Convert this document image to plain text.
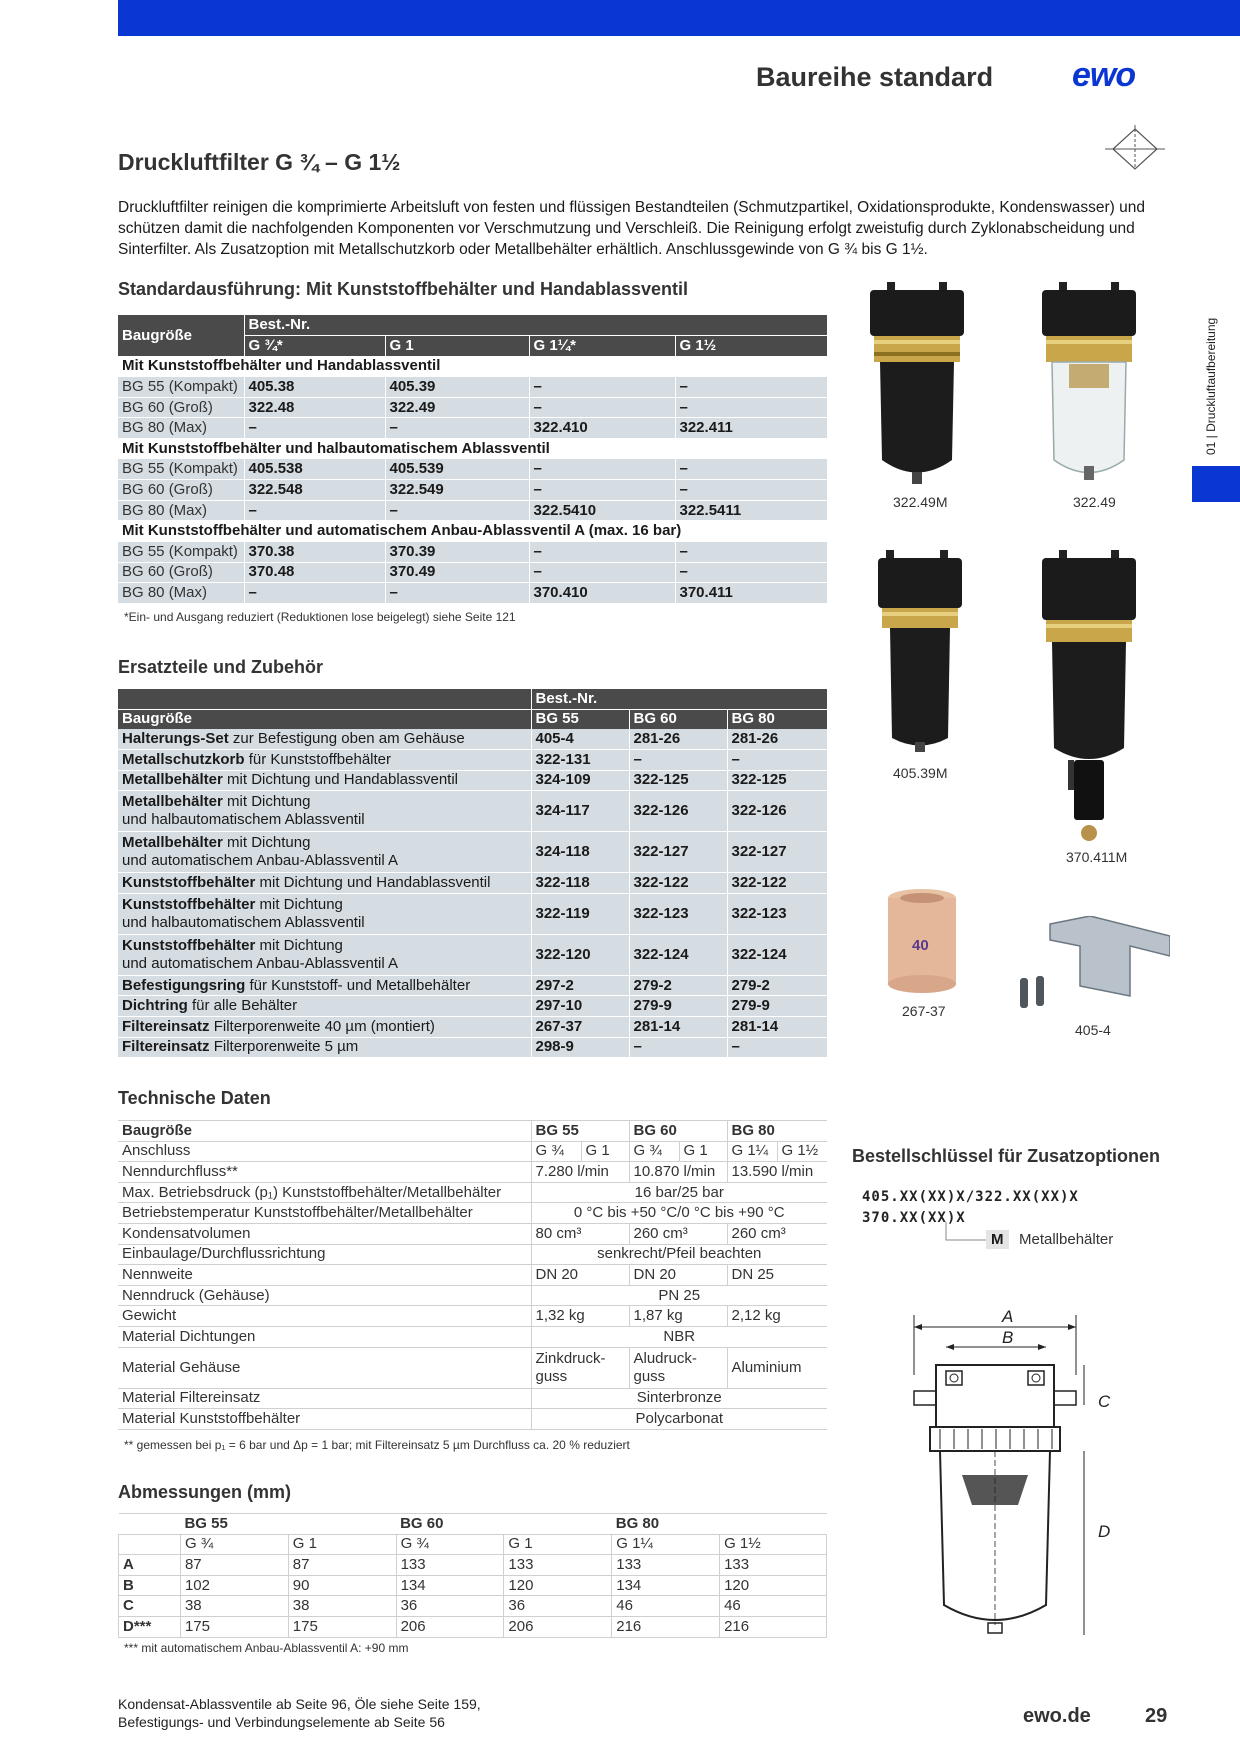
Baureihe standard ewo
01 | Druckluftaufbereitung
Druckluftfilter G ¾ – G 1½
Druckluftfilter reinigen die komprimierte Arbeitsluft von festen und flüssigen Bestandteilen (Schmutzpartikel, Oxidationsprodukte, Kondenswasser) und schützen damit die nachfolgenden Komponenten vor Verschmutzung und Verschleiß. Die Reinigung erfolgt zweistufig durch Zyklonabscheidung und Sinterfilter. Als Zusatzoption mit Metallschutzkorb oder Metallbehälter erhältlich. Anschlussgewinde von G ¾ bis G 1½.
Standardausführung: Mit Kunststoffbehälter und Handablassventil
Baugröße	Best.-Nr.			
	G ¾*	G 1	G 1¼*	G 1½
Mit Kunststoffbehälter und Handablassventil				
BG 55 (Kompakt)	405.38	405.39	–	–
BG 60 (Groß)	322.48	322.49	–	–
BG 80 (Max)	–	–	322.410	322.411
Mit Kunststoffbehälter und halbautomatischem Ablassventil				
BG 55 (Kompakt)	405.538	405.539	–	–
BG 60 (Groß)	322.548	322.549	–	–
BG 80 (Max)	–	–	322.5410	322.5411
Mit Kunststoffbehälter und automatischem Anbau-Ablassventil A (max. 16 bar)				
BG 55 (Kompakt)	370.38	370.39	–	–
BG 60 (Groß)	370.48	370.49	–	–
BG 80 (Max)	–	–	370.410	370.411
*Ein- und Ausgang reduziert (Reduktionen lose beigelegt) siehe Seite 121
Ersatzteile und Zubehör
	Best.-Nr.		
Baugröße	BG 55	BG 60	BG 80
Halterungs-Set zur Befestigung oben am Gehäuse	405-4	281-26	281-26
Metallschutzkorb für Kunststoffbehälter	322-131	–	–
Metallbehälter mit Dichtung und Handablassventil	324-109	322-125	322-125
Metallbehälter mit Dichtung
und halbautomatischem Ablassventil	324-117	322-126	322-126
Metallbehälter mit Dichtung
und automatischem Anbau-Ablassventil A	324-118	322-127	322-127
Kunststoffbehälter mit Dichtung und Handablassventil	322-118	322-122	322-122
Kunststoffbehälter mit Dichtung
und halbautomatischem Ablassventil	322-119	322-123	322-123
Kunststoffbehälter mit Dichtung
und automatischem Anbau-Ablassventil A	322-120	322-124	322-124
Befestigungsring für Kunststoff- und Metallbehälter	297-2	279-2	279-2
Dichtring für alle Behälter	297-10	279-9	279-9
Filtereinsatz Filterporenweite 40 µm (montiert)	267-37	281-14	281-14
Filtereinsatz Filterporenweite 5 µm	298-9	–	–
Technische Daten
Baugröße	BG 55		BG 60		BG 80	
Anschluss	G ¾	G 1	G ¾	G 1	G 1¼	G 1½
Nenndurchfluss**	7.280 l/min		10.870 l/min		13.590 l/min	
Max. Betriebsdruck (p₁) Kunststoffbehälter/Metallbehälter	16 bar/25 bar					
Betriebstemperatur Kunststoffbehälter/Metallbehälter	0 °C bis +50 °C/0 °C bis +90 °C					
Kondensatvolumen	80 cm³		260 cm³		260 cm³	
Einbaulage/Durchflussrichtung	senkrecht/Pfeil beachten					
Nennweite	DN 20		DN 20		DN 25	
Nenndruck (Gehäuse)	PN 25					
Gewicht	1,32 kg		1,87 kg		2,12 kg	
Material Dichtungen	NBR					
Material Gehäuse	Zinkdruck-guss		Aludruck-guss		Aluminium	
Material Filtereinsatz	Sinterbronze					
Material Kunststoffbehälter	Polycarbonat					
** gemessen bei p₁ = 6 bar und Δp = 1 bar; mit Filtereinsatz 5 µm Durchfluss ca. 20 % reduziert
Abmessungen (mm)
	BG 55		BG 60		BG 80	
	G ¾	G 1	G ¾	G 1	G 1¼	G 1½
A	87	87	133	133	133	133
B	102	90	134	120	134	120
C	38	38	36	36	46	46
D***	175	175	206	206	216	216
*** mit automatischem Anbau-Ablassventil A: +90 mm
322.49M	322.49
405.39M
370.411M
40
267-37
405-4
Bestellschlüssel für Zusatzoptionen
405.XX(XX)X/322.XX(XX)X
370.XX(XX)X
M	Metallbehälter
A
B
C
D
Kondensat-Ablassventile ab Seite 96, Öle siehe Seite 159,
Befestigungs- und Verbindungselemente ab Seite 56	ewo.de	29
